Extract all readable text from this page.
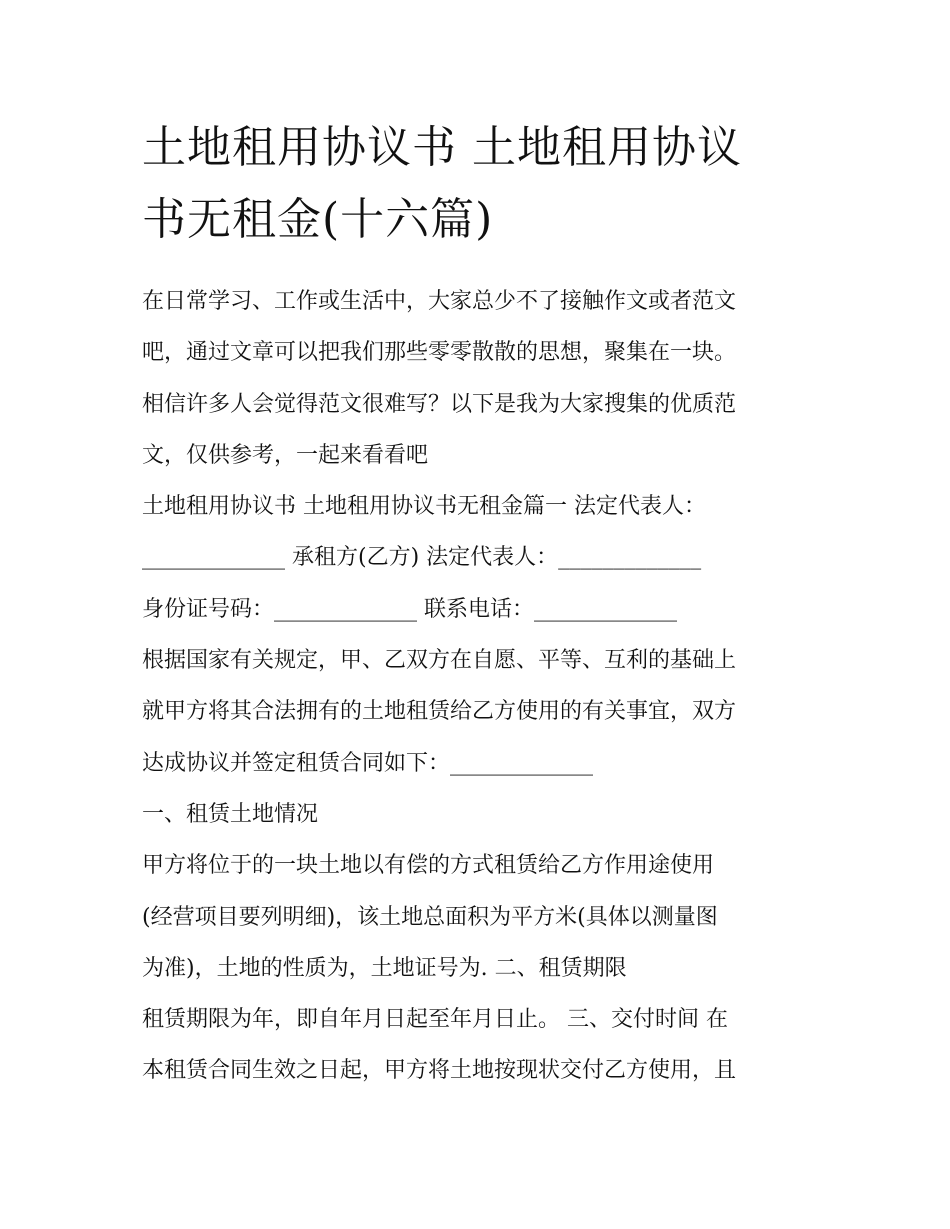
土地租用协议书 土地租用协议
书无租金(十六篇)
在日常学习、工作或生活中，大家总少不了接触作文或者范文
吧，通过文章可以把我们那些零零散散的思想，聚集在一块。
相信许多人会觉得范文很难写？以下是我为大家搜集的优质范
文，仅供参考，一起来看看吧
土地租用协议书 土地租用协议书无租金篇一 法定代表人：
_____________ 承租方(乙方) 法定代表人：_____________
身份证号码：_____________ 联系电话：_____________
根据国家有关规定，甲、乙双方在自愿、平等、互利的基础上
就甲方将其合法拥有的土地租赁给乙方使用的有关事宜，双方
达成协议并签定租赁合同如下：_____________
一、租赁土地情况
甲方将位于的一块土地以有偿的方式租赁给乙方作用途使用
(经营项目要列明细)，该土地总面积为平方米(具体以测量图
为准)，土地的性质为，土地证号为. 二、租赁期限
租赁期限为年，即自年月日起至年月日止。 三、交付时间 在
本租赁合同生效之日起，甲方将土地按现状交付乙方使用，且
